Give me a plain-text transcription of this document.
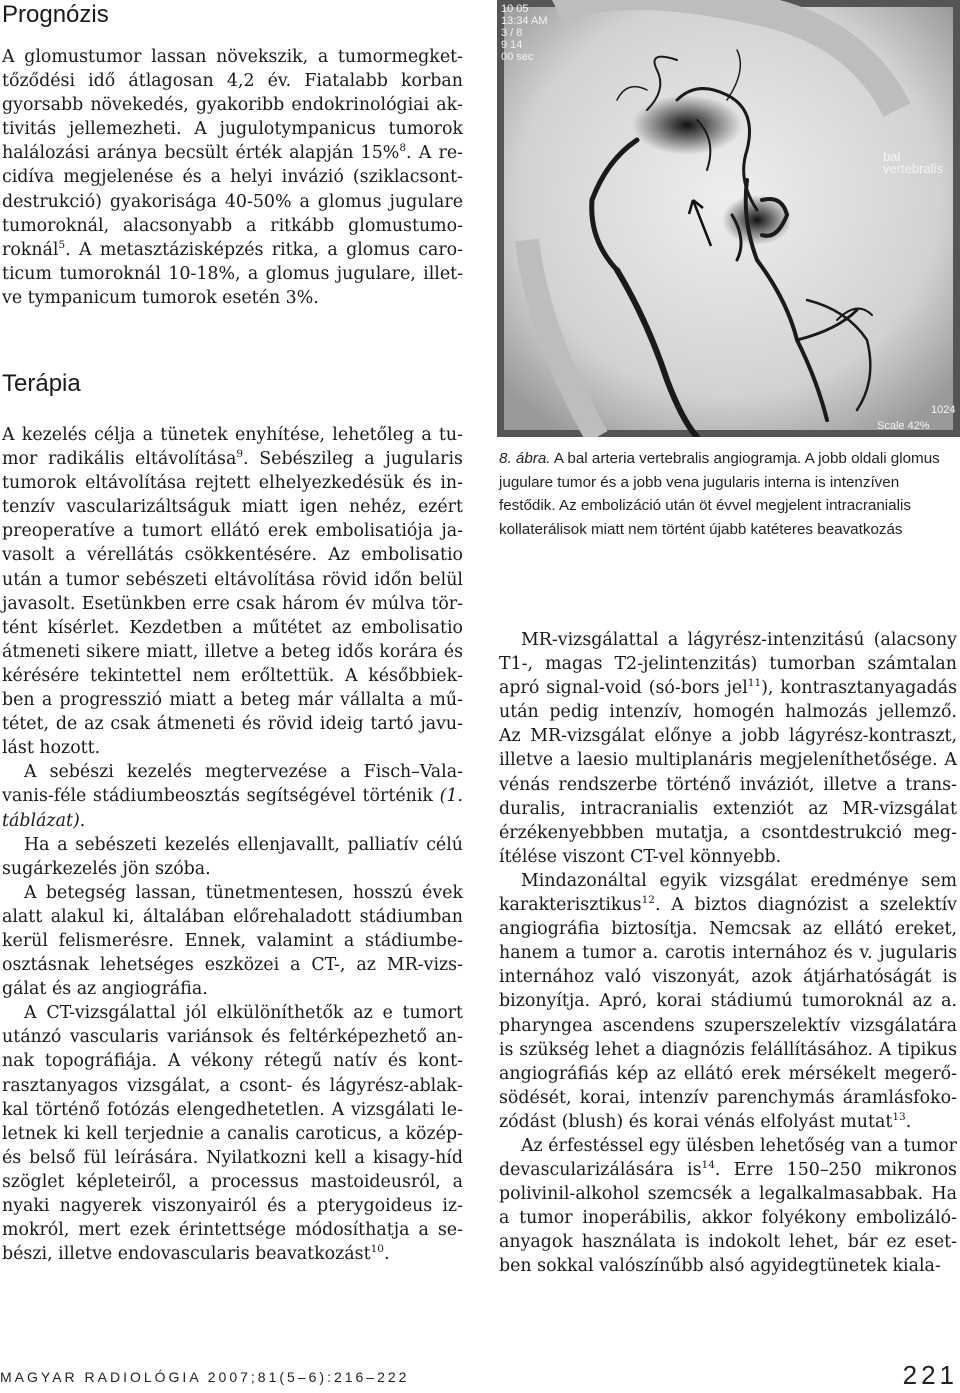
Prognózis

A glomustumor lassan növekszik, a tumormegkettőződési idő átlagosan 4,2 év. Fiatalabb korban gyorsabb növekedés, gyakoribb endokrinológiai aktivitás jellemezheti. A jugulotympanicus tumorok halálozási aránya becsült érték alapján 15%$^8$. A recidíva megjelenése és a helyi invázió (sziklacsontdestrukció) gyakorisága 40-50% a glomus jugulare tumoroknál, alacsonyabb a ritkább glomustumoroknál$^5$. A metasztázisképzés ritka, a glomus caroticum tumoroknál 10-18%, a glomus jugulare, illetve tympanicum tumorok esetén 3%.

Terápia

A kezelés célja a tünetek enyhítése, lehetőleg a tumor radikális eltávolítása$^9$. Sebészileg a jugularis tumorok eltávolítása rejtett elhelyezkedésük és intenzív vascularizáltságuk miatt igen nehéz, ezért preoperatíve a tumort ellátó erek embolisatiója javasolt a vérellátás csökkentésére. Az embolisatio után a tumor sebészeti eltávolítása rövid időn belül javasolt. Esetünkben erre csak három év múlva történt kísérlet. Kezdetben a műtétet az embolisatio átmeneti sikere miatt, illetve a beteg idős korára és kérésére tekintettel nem erőltettük. A későbbiekben a progresszió miatt a beteg már vállalta a műtétet, de az csak átmeneti és rövid ideig tartó javulást hozott.

A sebészi kezelés megtervezése a Fisch–Valavanis-féle stádiumbeosztás segítségével történik (1. táblázat).

Ha a sebészeti kezelés ellenjavallt, palliatív célú sugárkezelés jön szóba.

A betegség lassan, tünetmentesen, hosszú évek alatt alakul ki, általában előrehaladott stádiumban kerül felismerésre. Ennek, valamint a stádiumbeosztásnak lehetséges eszközei a CT-, az MR-vizsgálat és az angiográfia.

A CT-vizsgálattal jól elkülöníthetők az e tumort utánzó vascularis variánsok és feltérképezhető annak topográfiája. A vékony rétegű natív és kontrasztanyagos vizsgálat, a csont- és lágyrész-ablakkal történő fotózás elengedhetetlen. A vizsgálati leletnek ki kell terjednie a canalis caroticus, a középés belső fül leírására. Nyilatkozni kell a kisagy-híd szöglet képleteiről, a processus mastoideusról, a nyaki nagyerek viszonyairól és a pterygoideus izmokról, mert ezek érintettsége módosíthatja a sebészi, illetve endovascularis beavatkozást$^{10}$.

10 05
13:34 AM
3 / 8
9 14
00 sec
bal vertebralis
1024
Scale 42%
8. ábra. A bal arteria vertebralis angiogramja. A jobb oldali glomus jugulare tumor és a jobb vena jugularis interna is intenzíven festődik. Az embolizáció után öt évvel megjelent intracranialis kollaterálisok miatt nem történt újabb katéteres beavatkozás

MR-vizsgálattal a lágyrész-intenzitású (alacsony T1-, magas T2-jelintenzitás) tumorban számtalan apró signal-void (só-bors jel$^{11}$), kontrasztanyagadás után pedig intenzív, homogén halmozás jellemző. Az MR-vizsgálat előnye a jobb lágyrész-kontraszt, illetve a laesio multiplanáris megjeleníthetősége. A vénás rendszerbe történő inváziót, illetve a transduralis, intracranialis extenziót az MR-vizsgálat érzékenyebbben mutatja, a csontdestrukció megítélése viszont CT-vel könnyebb.

Mindazonáltal egyik vizsgálat eredménye sem karakterisztikus$^{12}$. A biztos diagnózist a szelektív angiográfia biztosítja. Nemcsak az ellátó ereket, hanem a tumor a. carotis internához és v. jugularis internához való viszonyát, azok átjárhatóságát is bizonyítja. Apró, korai stádiumú tumoroknál az a. pharyngea ascendens szuperszelektív vizsgálatára is szükség lehet a diagnózis felállításához. A tipikus angiográfiás kép az ellátó erek mérsékelt megerősödését, korai, intenzív parenchymás áramlásfokozódást (blush) és korai vénás elfolyást mutat$^{13}$.

Az érfestéssel egy ülésben lehetőség van a tumor devascularizálására $is^{14}$. Erre 150–250 mikronos polivinil-alkohol szemcsék a legalkalmasabbak. Ha a tumor inoperábilis, akkor folyékony embolizálóanyagok használata is indokolt lehet, bár ez esetben sokkal valószínűbb alsó agyidegtünetek kiala-

MAGYAR RADIOLÓGIA 2007;81(5–6):216–222	221
